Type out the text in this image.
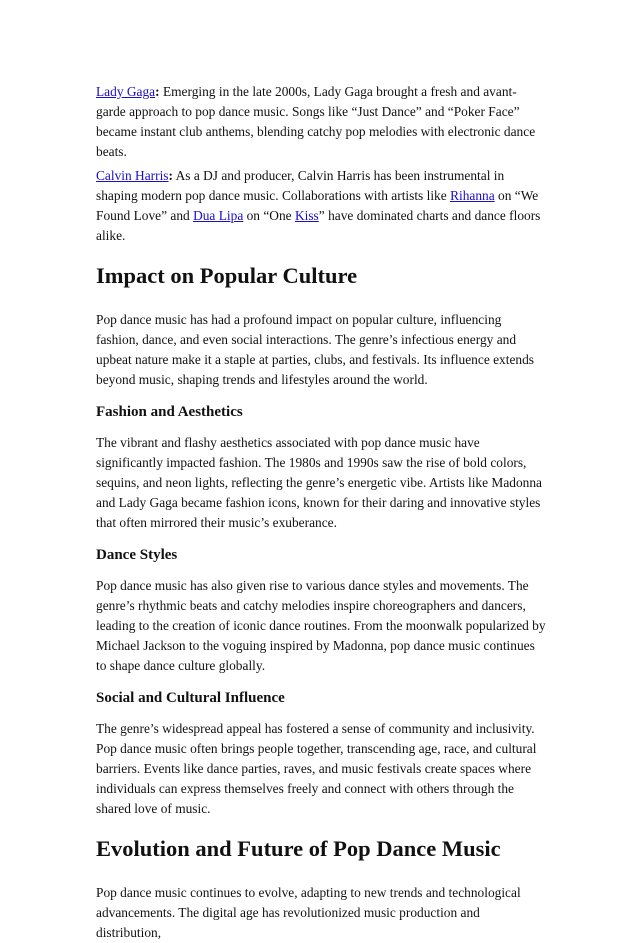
Lady Gaga: Emerging in the late 2000s, Lady Gaga brought a fresh and avant-garde approach to pop dance music. Songs like “Just Dance” and “Poker Face” became instant club anthems, blending catchy pop melodies with electronic dance beats.

Calvin Harris: As a DJ and producer, Calvin Harris has been instrumental in shaping modern pop dance music. Collaborations with artists like Rihanna on “We Found Love” and Dua Lipa on “One Kiss” have dominated charts and dance floors alike.

Impact on Popular Culture

Pop dance music has had a profound impact on popular culture, influencing fashion, dance, and even social interactions. The genre’s infectious energy and upbeat nature make it a staple at parties, clubs, and festivals. Its influence extends beyond music, shaping trends and lifestyles around the world.

Fashion and Aesthetics

The vibrant and flashy aesthetics associated with pop dance music have significantly impacted fashion. The 1980s and 1990s saw the rise of bold colors, sequins, and neon lights, reflecting the genre’s energetic vibe. Artists like Madonna and Lady Gaga became fashion icons, known for their daring and innovative styles that often mirrored their music’s exuberance.

Dance Styles

Pop dance music has also given rise to various dance styles and movements. The genre’s rhythmic beats and catchy melodies inspire choreographers and dancers, leading to the creation of iconic dance routines. From the moonwalk popularized by Michael Jackson to the voguing inspired by Madonna, pop dance music continues to shape dance culture globally.

Social and Cultural Influence

The genre’s widespread appeal has fostered a sense of community and inclusivity. Pop dance music often brings people together, transcending age, race, and cultural barriers. Events like dance parties, raves, and music festivals create spaces where individuals can express themselves freely and connect with others through the shared love of music.

Evolution and Future of Pop Dance Music

Pop dance music continues to evolve, adapting to new trends and technological advancements. The digital age has revolutionized music production and distribution,
